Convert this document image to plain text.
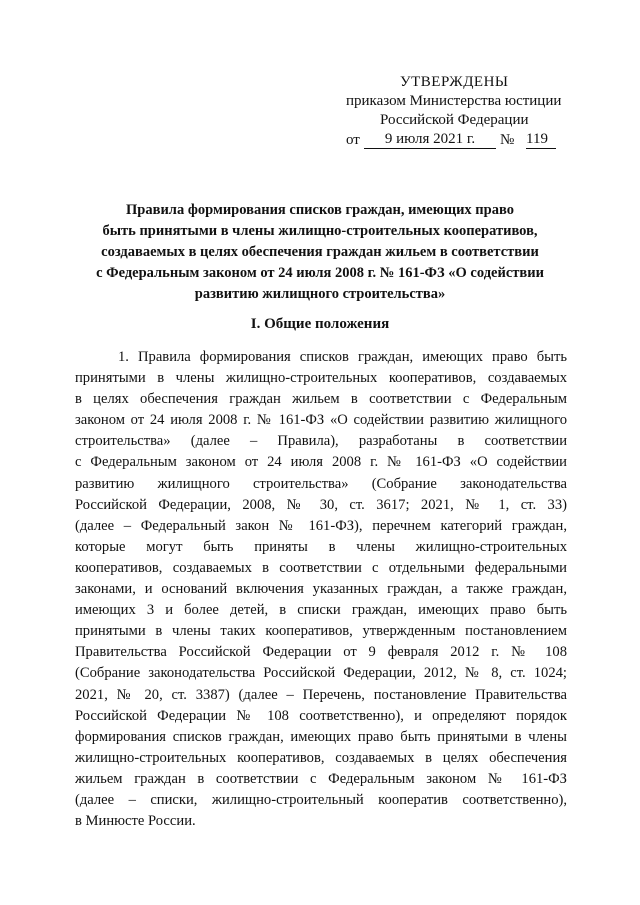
УТВЕРЖДЕНЫ
приказом Министерства юстиции
Российской Федерации
от	9 июля 2021 г.	№ 119
Правила формирования списков граждан, имеющих право
быть принятыми в члены жилищно-строительных кооперативов,
создаваемых в целях обеспечения граждан жильем в соответствии
с Федеральным законом от 24 июля 2008 г. № 161-ФЗ «О содействии
развитию жилищного строительства»
I. Общие положения
1. Правила формирования списков граждан, имеющих право быть
принятыми в члены жилищно-строительных кооперативов, создаваемых
в целях обеспечения граждан жильем в соответствии с Федеральным
законом от 24 июля 2008 г. № 161-ФЗ «О содействии развитию жилищного
строительства» (далее – Правила), разработаны в соответствии
с Федеральным законом от 24 июля 2008 г. № 161-ФЗ «О содействии
развитию жилищного строительства» (Собрание законодательства
Российской Федерации, 2008, № 30, ст. 3617; 2021, № 1, ст. 33)
(далее – Федеральный закон № 161-ФЗ), перечнем категорий граждан,
которые могут быть приняты в члены жилищно-строительных
кооперативов, создаваемых в соответствии с отдельными федеральными
законами, и оснований включения указанных граждан, а также граждан,
имеющих 3 и более детей, в списки граждан, имеющих право быть
принятыми в члены таких кооперативов, утвержденным постановлением
Правительства Российской Федерации от 9 февраля 2012 г. № 108
(Собрание законодательства Российской Федерации, 2012, № 8, ст. 1024;
2021, № 20, ст. 3387) (далее – Перечень, постановление Правительства
Российской Федерации № 108 соответственно), и определяют порядок
формирования списков граждан, имеющих право быть принятыми в члены
жилищно-строительных кооперативов, создаваемых в целях обеспечения
жильем граждан в соответствии с Федеральным законом № 161-ФЗ
(далее – списки, жилищно-строительный кооператив соответственно),
в Минюсте России.
